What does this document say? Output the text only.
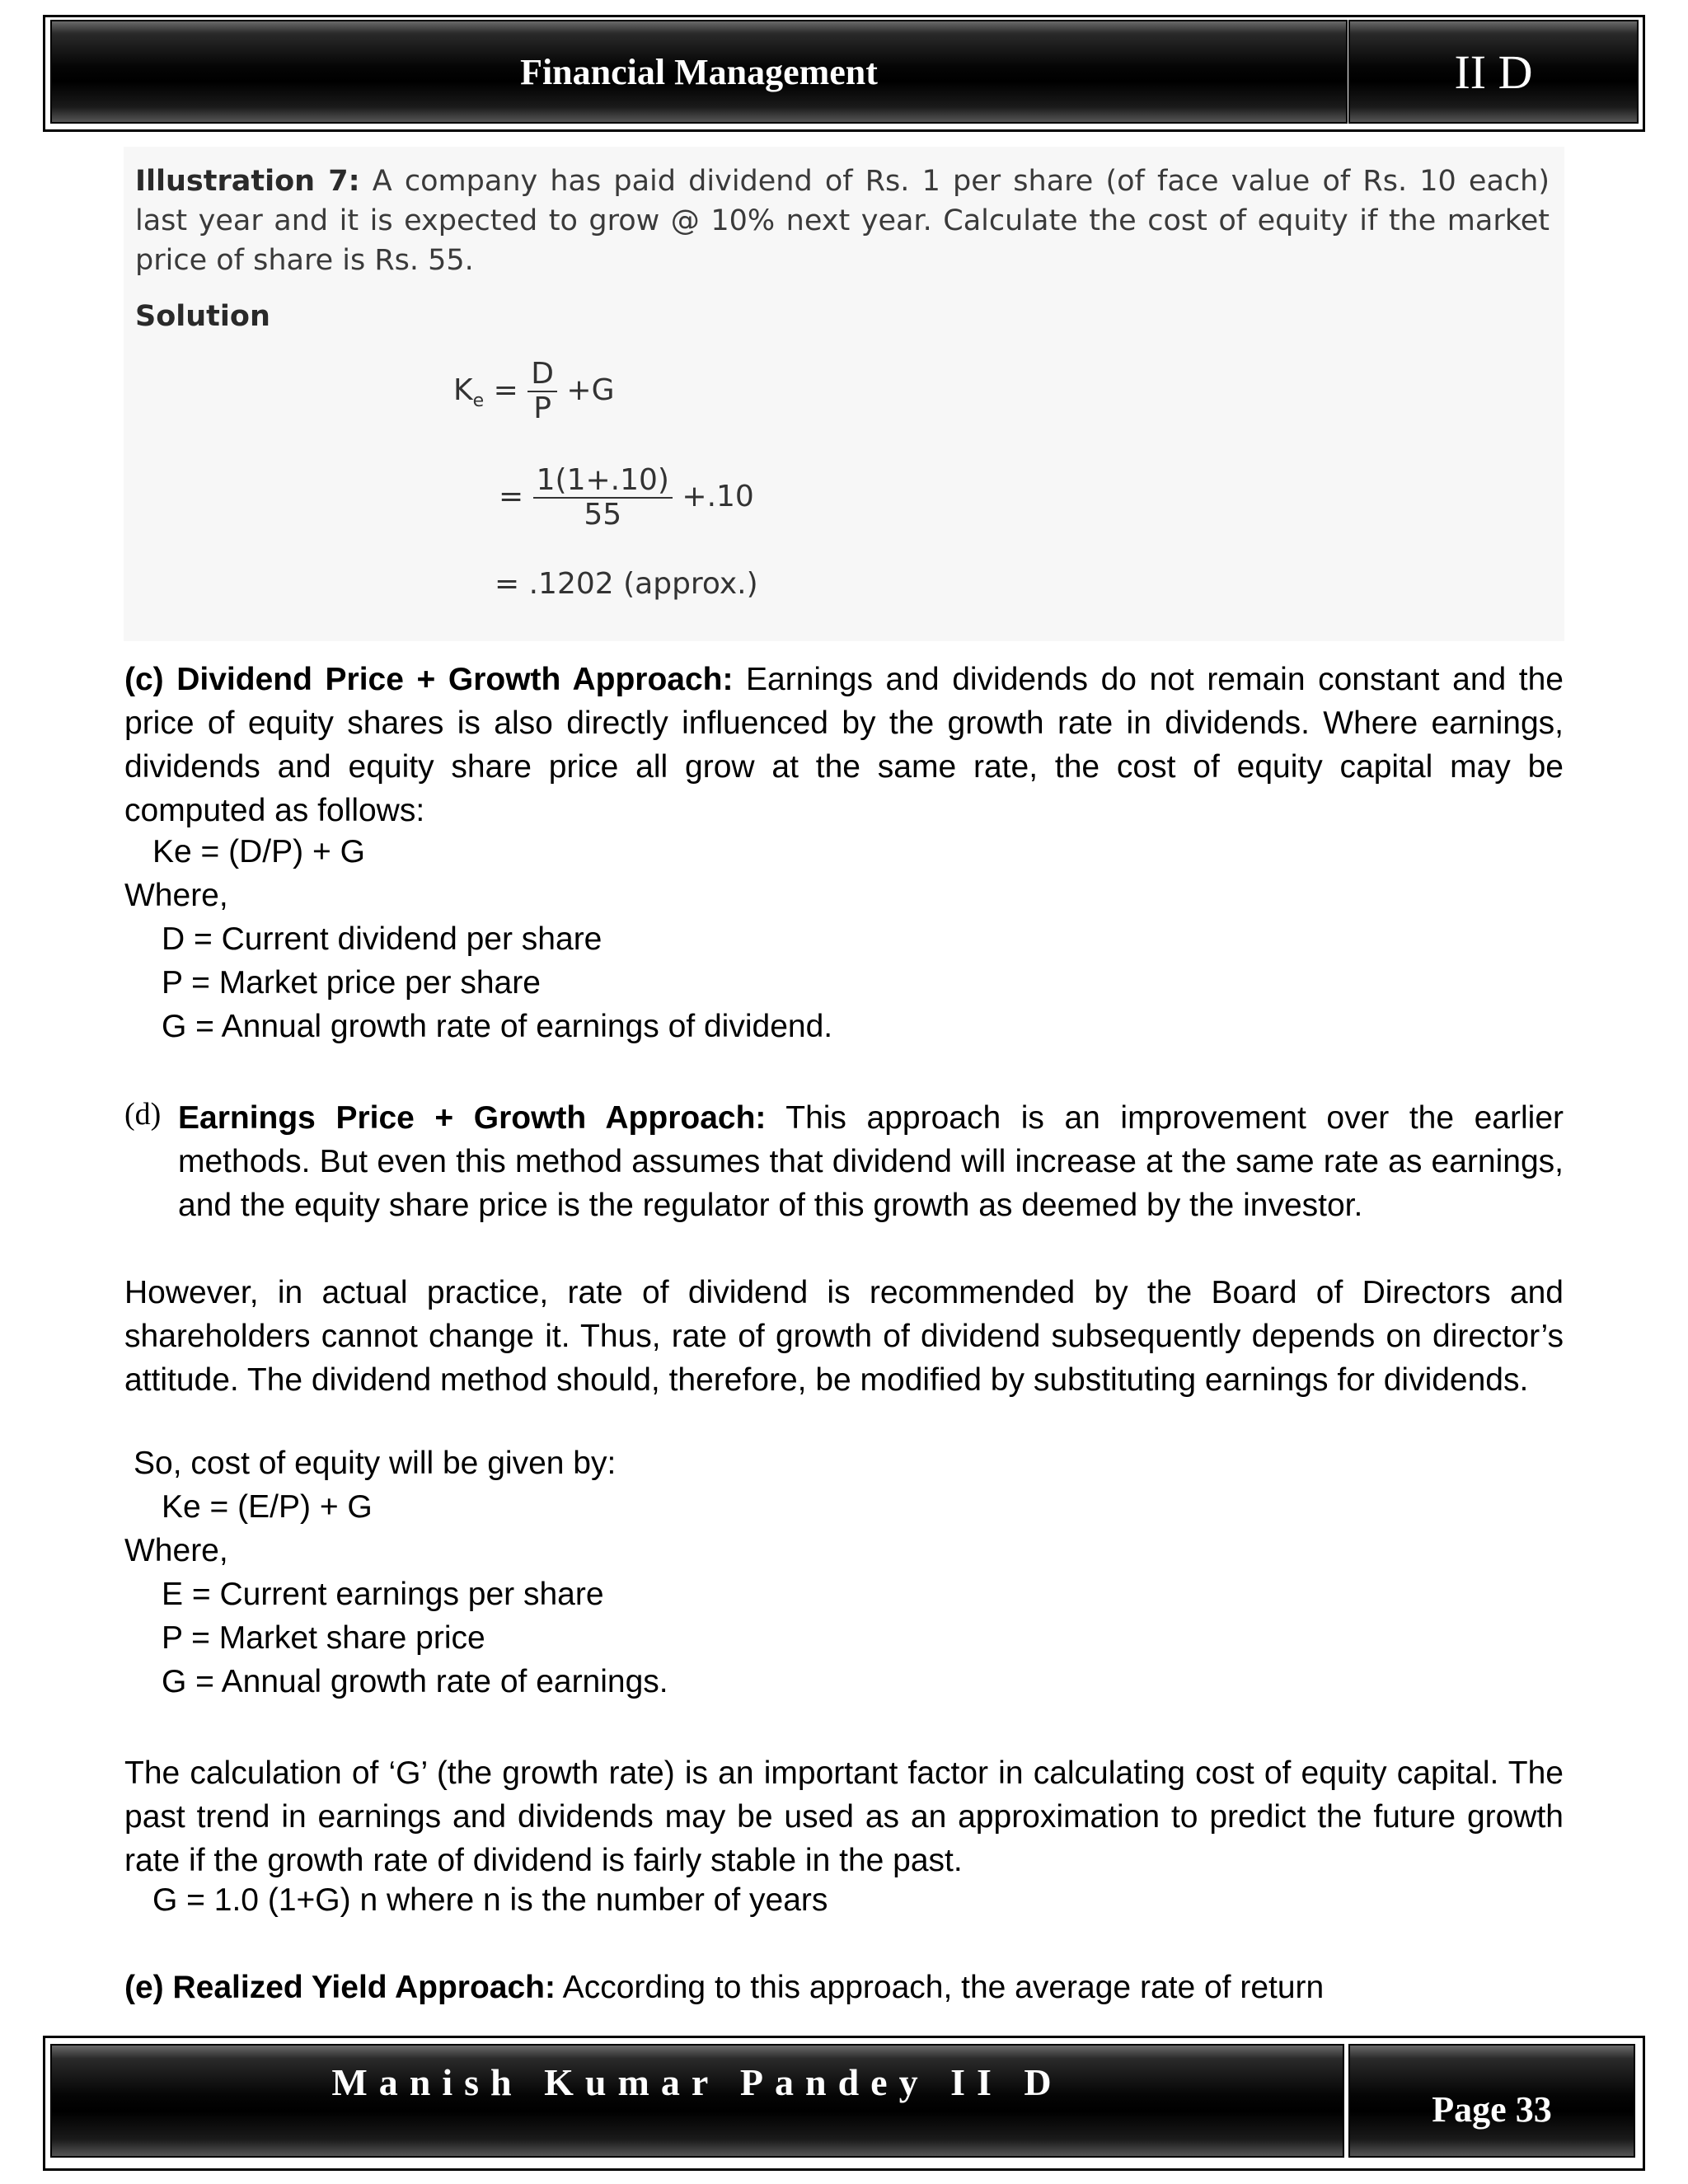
Financial Management	II D
Illustration 7: A company has paid dividend of Rs. 1 per share (of face value of Rs. 10 each) last year and it is expected to grow @ 10% next year. Calculate the cost of equity if the market price of share is Rs. 55.
Solution
$K_e = \frac{D}{P} +G$
= $\frac{1(1+.10)}{55} +.10$
= .1202 (approx.)
(c) Dividend Price + Growth Approach: Earnings and dividends do not remain constant and the price of equity shares is also directly influenced by the growth rate in dividends. Where earnings, dividends and equity share price all grow at the same rate, the cost of equity capital may be computed as follows:
Ke = (D/P) + G
Where,
D = Current dividend per share
P = Market price per share
G = Annual growth rate of earnings of dividend.
(d) Earnings Price + Growth Approach: This approach is an improvement over the earlier methods. But even this method assumes that dividend will increase at the same rate as earnings, and the equity share price is the regulator of this growth as deemed by the investor.
However, in actual practice, rate of dividend is recommended by the Board of Directors and shareholders cannot change it. Thus, rate of growth of dividend subsequently depends on director’s attitude. The dividend method should, therefore, be modified by substituting earnings for dividends.
So, cost of equity will be given by:
Ke = (E/P) + G
Where,
E = Current earnings per share
P = Market share price
G = Annual growth rate of earnings.
The calculation of ‘G’ (the growth rate) is an important factor in calculating cost of equity capital. The past trend in earnings and dividends may be used as an approximation to predict the future growth rate if the growth rate of dividend is fairly stable in the past.
G = 1.0 (1+G) n where n is the number of years
(e) Realized Yield Approach: According to this approach, the average rate of return
Manish Kumar Pandey II D
Page 33
